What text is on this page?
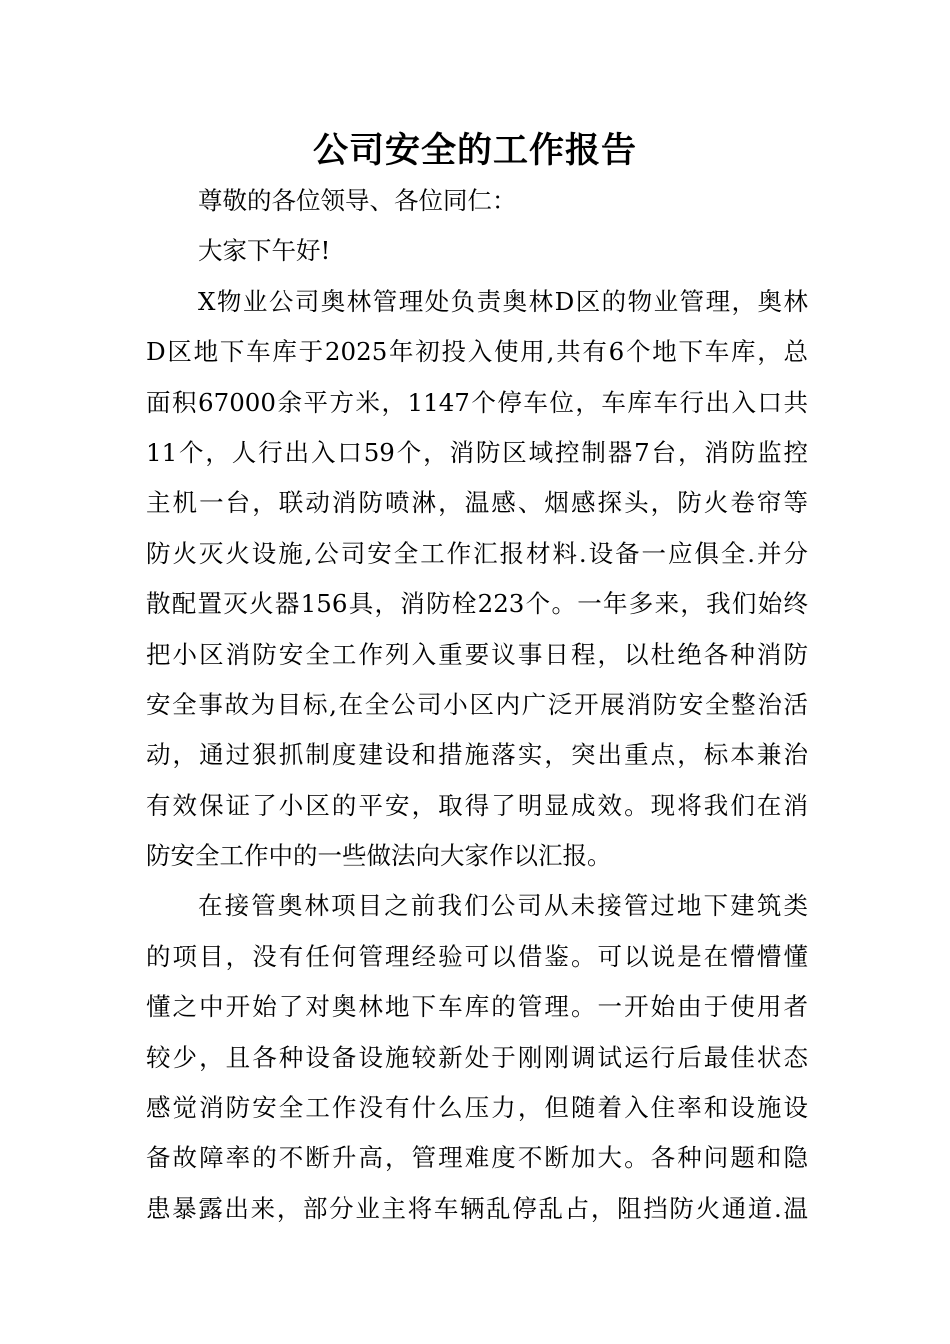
公司安全的工作报告
尊敬的各位领导、各位同仁：
大家下午好!
X物业公司奥林管理处负责奥林D区的物业管理，奥林
D区地下车库于2025年初投入使用,共有6个地下车库，总
面积67000余平方米，1147个停车位，车库车行出入口共
11个，人行出入口59个，消防区域控制器7台，消防监控
主机一台，联动消防喷淋，温感、烟感探头，防火卷帘等
防火灭火设施,公司安全工作汇报材料.设备一应俱全.并分
散配置灭火器156具，消防栓223个。一年多来，我们始终
把小区消防安全工作列入重要议事日程，以杜绝各种消防
安全事故为目标,在全公司小区内广泛开展消防安全整治活
动，通过狠抓制度建设和措施落实，突出重点，标本兼治
有效保证了小区的平安，取得了明显成效。现将我们在消
防安全工作中的一些做法向大家作以汇报。
在接管奥林项目之前我们公司从未接管过地下建筑类
的项目，没有任何管理经验可以借鉴。可以说是在懵懵懂
懂之中开始了对奥林地下车库的管理。一开始由于使用者
较少，且各种设备设施较新处于刚刚调试运行后最佳状态
感觉消防安全工作没有什么压力，但随着入住率和设施设
备故障率的不断升高，管理难度不断加大。各种问题和隐
患暴露出来，部分业主将车辆乱停乱占，阻挡防火通道.温
